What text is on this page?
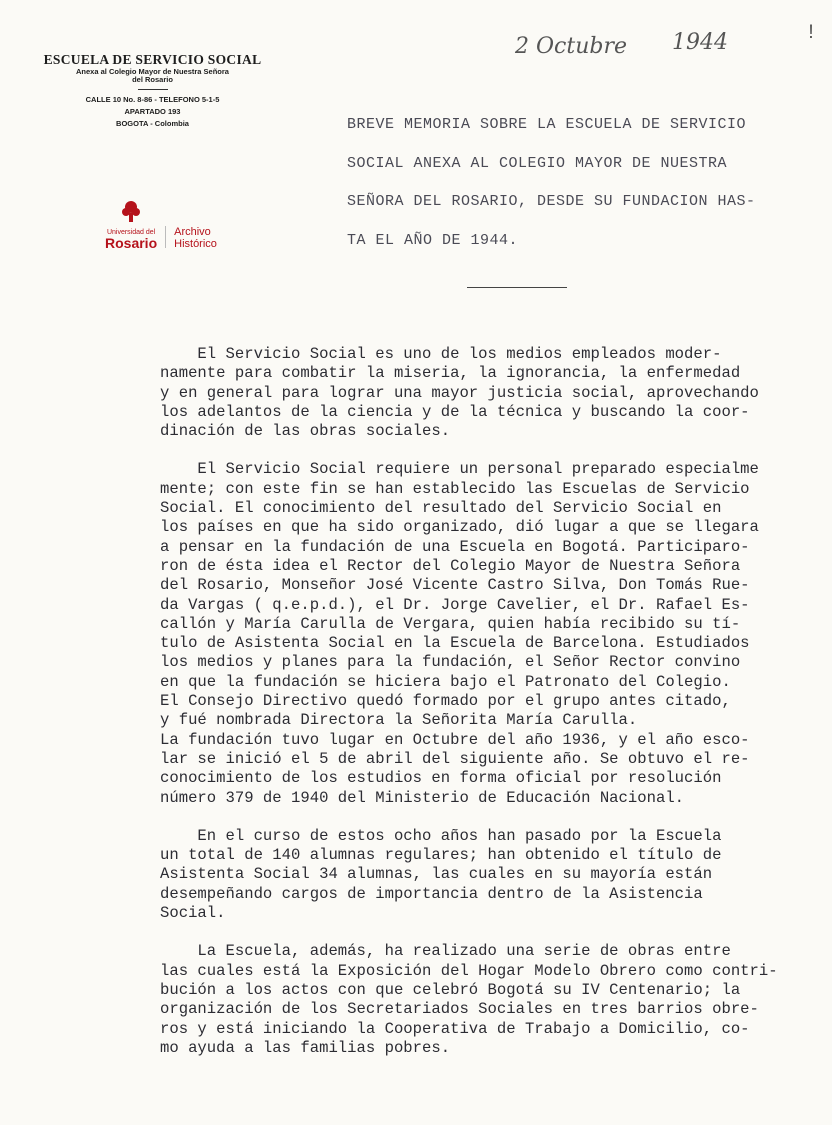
ESCUELA DE SERVICIO SOCIAL
Anexa al Colegio Mayor de Nuestra Señora
del Rosario
CALLE 10 No. 8-86 - TELEFONO 5-1-5
APARTADO 193
BOGOTA - Colombia
Universidad del
Rosario
Archivo
Histórico
2 Octubre 1944	!
BREVE MEMORIA SOBRE LA ESCUELA DE SERVICIO
SOCIAL ANEXA AL COLEGIO MAYOR DE NUESTRA
SEÑORA DEL ROSARIO, DESDE SU FUNDACION HAS-
TA EL AÑO DE 1944.
El Servicio Social es uno de los medios empleados moder-
namente para combatir la miseria, la ignorancia, la enfermedad
y en general para lograr una mayor justicia social, aprovechando
los adelantos de la ciencia y de la técnica y buscando la coor-
dinación de las obras sociales.
El Servicio Social requiere un personal preparado especialme
mente; con este fin se han establecido las Escuelas de Servicio
Social. El conocimiento del resultado del Servicio Social en
los países en que ha sido organizado, dió lugar a que se llegara
a pensar en la fundación de una Escuela en Bogotá. Participaro-
ron de ésta idea el Rector del Colegio Mayor de Nuestra Señora
del Rosario, Monseñor José Vicente Castro Silva, Don Tomás Rue-
da Vargas ( q.e.p.d.), el Dr. Jorge Cavelier, el Dr. Rafael Es-
callón y María Carulla de Vergara, quien había recibido su tí-
tulo de Asistenta Social en la Escuela de Barcelona. Estudiados
los medios y planes para la fundación, el Señor Rector convino
en que la fundación se hiciera bajo el Patronato del Colegio.
El Consejo Directivo quedó formado por el grupo antes citado,
y fué nombrada Directora la Señorita María Carulla.
La fundación tuvo lugar en Octubre del año 1936, y el año esco-
lar se inició el 5 de abril del siguiente año. Se obtuvo el re-
conocimiento de los estudios en forma oficial por resolución
número 379 de 1940 del Ministerio de Educación Nacional.
En el curso de estos ocho años han pasado por la Escuela
un total de 140 alumnas regulares; han obtenido el título de
Asistenta Social 34 alumnas, las cuales en su mayoría están
desempeñando cargos de importancia dentro de la Asistencia
Social.
La Escuela, además, ha realizado una serie de obras entre
las cuales está la Exposición del Hogar Modelo Obrero como contri-
bución a los actos con que celebró Bogotá su IV Centenario; la
organización de los Secretariados Sociales en tres barrios obre-
ros y está iniciando la Cooperativa de Trabajo a Domicilio, co-
mo ayuda a las familias pobres.
